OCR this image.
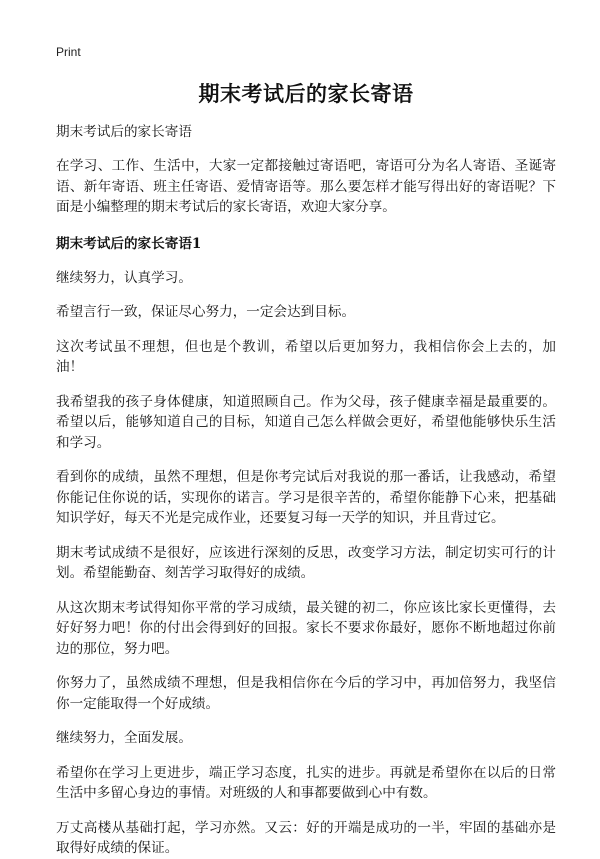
Print
期末考试后的家长寄语

期末考试后的家长寄语

在学习、工作、生活中，大家一定都接触过寄语吧，寄语可分为名人寄语、圣诞寄语、新年寄语、班主任寄语、爱情寄语等。那么要怎样才能写得出好的寄语呢？下面是小编整理的期末考试后的家长寄语，欢迎大家分享。

期末考试后的家长寄语1

继续努力，认真学习。

希望言行一致，保证尽心努力，一定会达到目标。

这次考试虽不理想，但也是个教训，希望以后更加努力，我相信你会上去的，加油！

我希望我的孩子身体健康，知道照顾自己。作为父母，孩子健康幸福是最重要的。希望以后，能够知道自己的目标，知道自己怎么样做会更好，希望他能够快乐生活和学习。

看到你的成绩，虽然不理想，但是你考完试后对我说的那一番话，让我感动，希望你能记住你说的话，实现你的诺言。学习是很辛苦的，希望你能静下心来，把基础知识学好，每天不光是完成作业，还要复习每一天学的知识，并且背过它。

期末考试成绩不是很好，应该进行深刻的反思，改变学习方法，制定切实可行的计划。希望能勤奋、刻苦学习取得好的成绩。

从这次期末考试得知你平常的学习成绩，最关键的初二，你应该比家长更懂得，去好好努力吧！你的付出会得到好的回报。家长不要求你最好，愿你不断地超过你前边的那位，努力吧。

你努力了，虽然成绩不理想，但是我相信你在今后的学习中，再加倍努力，我坚信你一定能取得一个好成绩。

继续努力，全面发展。

希望你在学习上更进步，端正学习态度，扎实的进步。再就是希望你在以后的日常生活中多留心身边的事情。对班级的人和事都要做到心中有数。

万丈高楼从基础打起，学习亦然。又云：好的开端是成功的一半，牢固的基础亦是取得好成绩的保证。
